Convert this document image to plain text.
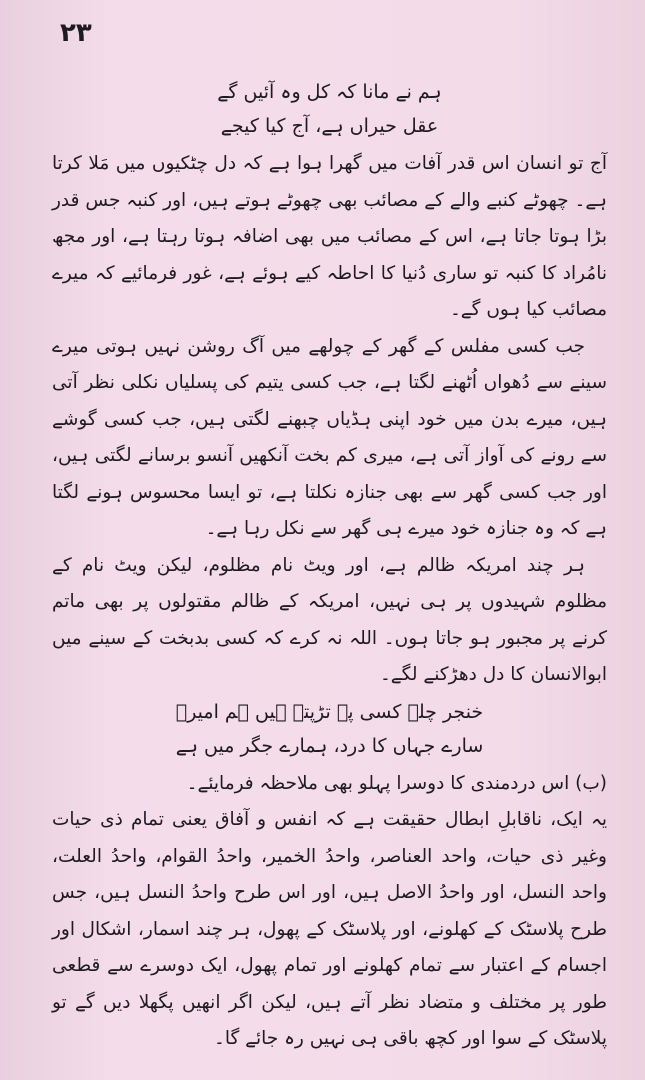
۲۳

ہم نے مانا کہ کل وہ آئیں گے

عقل حیراں ہے، آج کیا کیجے

آج تو انسان اس قدر آفات میں گھرا ہوا ہے کہ دل چٹکیوں میں مَلا کرتا ہے۔ چھوٹے کنبے والے کے مصائب بھی چھوٹے ہوتے ہیں، اور کنبہ جس قدر بڑا ہوتا جاتا ہے، اس کے مصائب میں بھی اضافہ ہوتا رہتا ہے، اور مجھ نامُراد کا کنبہ تو ساری دُنیا کا احاطہ کیے ہوئے ہے، غور فرمائیے کہ میرے مصائب کیا ہوں گے۔

جب کسی مفلس کے گھر کے چولھے میں آگ روشن نہیں ہوتی میرے سینے سے دُھواں اُٹھنے لگتا ہے، جب کسی یتیم کی پسلیاں نکلی نظر آتی ہیں، میرے بدن میں خود اپنی ہڈیاں چبھنے لگتی ہیں، جب کسی گوشے سے رونے کی آواز آتی ہے، میری کم بخت آنکھیں آنسو برسانے لگتی ہیں، اور جب کسی گھر سے بھی جنازہ نکلتا ہے، تو ایسا محسوس ہونے لگتا ہے کہ وہ جنازہ خود میرے ہی گھر سے نکل رہا ہے۔

ہر چند امریکہ ظالم ہے، اور ویٹ نام مظلوم، لیکن ویٹ نام کے مظلوم شہیدوں پر ہی نہیں، امریکہ کے ظالم مقتولوں پر بھی ماتم کرنے پر مجبور ہو جاتا ہوں۔ اللہ نہ کرے کہ کسی بدبخت کے سینے میں ابوالانسان کا دل دھڑکنے لگے۔

خنجر چلے کسی پہ تڑپتے ہیں ہم امیرؔ

سارے جہاں کا درد، ہمارے جگر میں ہے

(ب) اس دردمندی کا دوسرا پہلو بھی ملاحظہ فرمایئے۔

یہ ایک، ناقابلِ ابطال حقیقت ہے کہ انفس و آفاق یعنی تمام ذی حیات وغیر ذی حیات، واحد العناصر، واحدُ الخمیر، واحدُ القوام، واحدُ العلت، واحد النسل، اور واحدُ الاصل ہیں، اور اس طرح واحدُ النسل ہیں، جس طرح پلاسٹک کے کھلونے، اور پلاسٹک کے پھول، ہر چند اسمار، اشکال اور اجسام کے اعتبار سے تمام کھلونے اور تمام پھول، ایک دوسرے سے قطعی طور پر مختلف و متضاد نظر آتے ہیں، لیکن اگر انھیں پگھلا دیں گے تو پلاسٹک کے سوا اور کچھ باقی ہی نہیں رہ جائے گا۔
